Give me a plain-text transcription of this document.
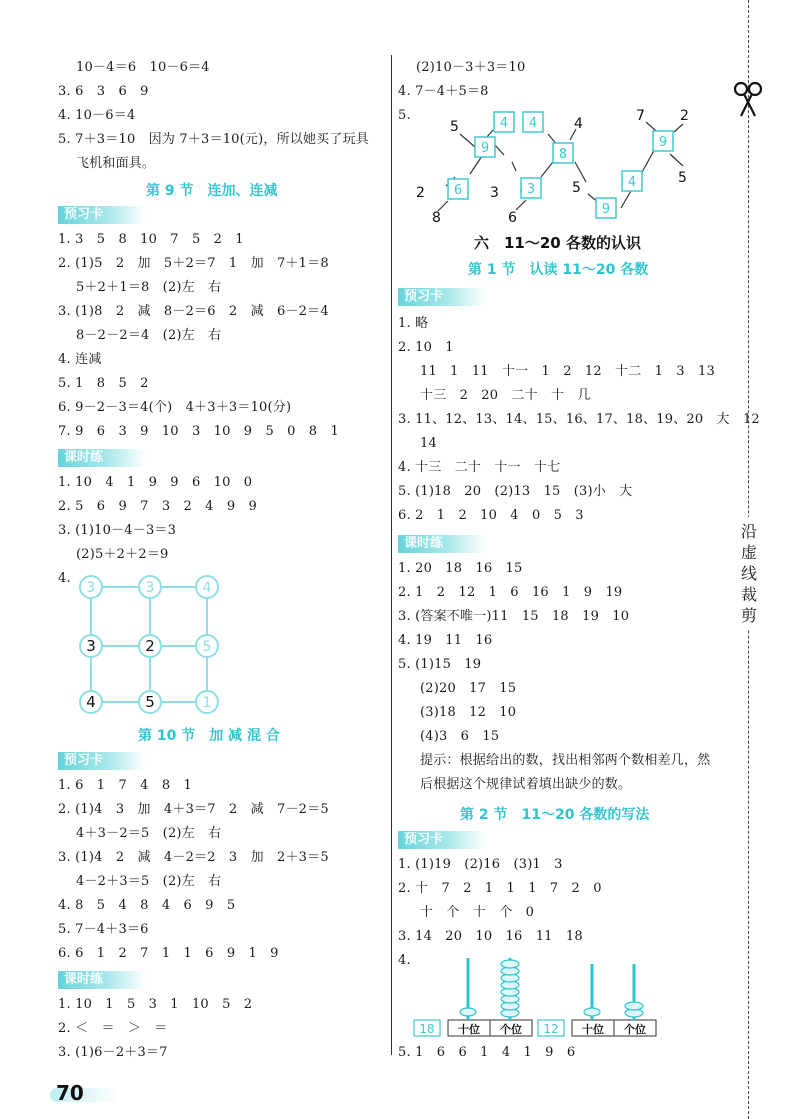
10－4＝6　10－6＝4
3. 6　3　6　9
4. 10－6＝4
5. 7＋3＝10　因为 7＋3＝10(元)，所以她买了玩具
飞机和面具。
第 9 节　连加、连减
预习卡
1. 3　5　8　10　7　5　2　1
2. (1)5　2　加　5＋2＝7　1　加　7＋1＝8
5＋2＋1＝8　(2)左　右
3. (1)8　2　减　8－2＝6　2　减　6－2＝4
8－2－2＝4　(2)左　右
4. 连减
5. 1　8　5　2
6. 9－2－3＝4(个)　4＋3＋3＝10(分)
7. 9　6　3　9　10　3　10　9　5　0　8　1
课时练
1. 10　4　1　9　9　6　10　0
2. 5　6　9　7　3　2　4　9　9
3. (1)10－4－3＝3
(2)5＋2＋2＝9
4.
3	3	4
3	2	5
4	5	1
第 10 节　加 减 混 合
预习卡
1. 6　1　7　4　8　1
2. (1)4　3　加　4＋3＝7　2　减　7－2＝5
4＋3－2＝5　(2)左　右
3. (1)4　2　减　4－2＝2　3　加　2＋3＝5
4－2＋3＝5　(2)左　右
4. 8　5　4　8　4　6　9　5
5. 7－4＋3＝6
6. 6　1　2　7　1　1　6　9　1　9
课时练
1. 10　1　5　3　1　10　5　2
2. ＜　＝　＞　＝
3. (1)6－2＋3＝7
(2)10－3＋3＝10
4. 7－4＋5＝8
5.
9
4
5
6
2
8
4
8
4
3
3
6
5
9
4	5
9
7	2
六　11～20 各数的认识
第 1 节　认读 11～20 各数
预习卡
1. 略
2. 10　1
11　1　11　十一　1　2　12　十二　1　3　13
十三　2　20　二十　十　几
3. 11、12、13、14、15、16、17、18、19、20　大　12
14
4. 十三　二十　十一　十七
5. (1)18　20　(2)13　15　(3)小　大
6. 2　1　2　10　4　0　5　3
课时练
1. 20　18　16　15
2. 1　2　12　1　6　16　1　9　19
3. (答案不唯一)11　15　18　19　10
4. 19　11　16
5. (1)15　19
(2)20　17　15
(3)18　12　10
(4)3　6　15
提示：根据给出的数，找出相邻两个数相差几，然
后根据这个规律试着填出缺少的数。
第 2 节　11～20 各数的写法
预习卡
1. (1)19　(2)16　(3)1　3
2. 十　7　2　1　1　1　7　2　0
十　个　十　个　0
3. 14　20　10　16　11　18
4.
18 十位 个位 12 十位 个位
5. 1　6　6　1　4　1　9　6
沿虚线裁剪
70
